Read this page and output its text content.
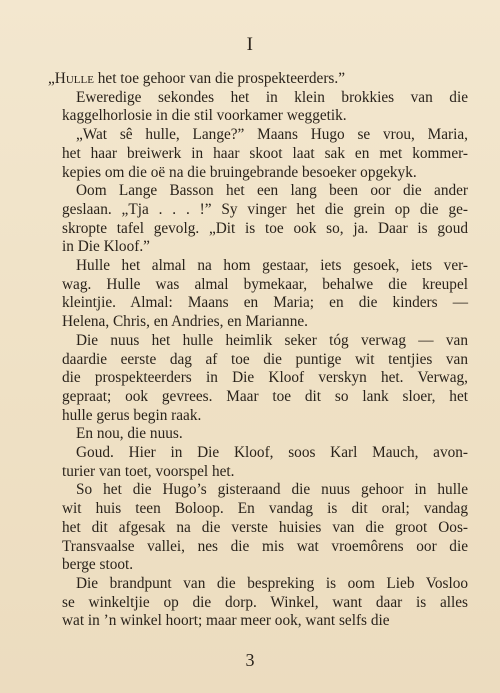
I
„Hulle het toe gehoor van die prospekteerders.”
Eweredige sekondes het in klein brokkies van die
kaggelhorlosie in die stil voorkamer weggetik.
„Wat sê hulle, Lange?” Maans Hugo se vrou, Maria,
het haar breiwerk in haar skoot laat sak en met kommer-
kepies om die oë na die bruingebrande besoeker opgekyk.
Oom Lange Basson het een lang been oor die ander
geslaan. „Tja . . . !” Sy vinger het die grein op die ge-
skropte tafel gevolg. „Dit is toe ook so, ja. Daar is goud
in Die Kloof.”
Hulle het almal na hom gestaar, iets gesoek, iets ver-
wag. Hulle was almal bymekaar, behalwe die kreupel
kleintjie. Almal: Maans en Maria; en die kinders —
Helena, Chris, en Andries, en Marianne.
Die nuus het hulle heimlik seker tóg verwag — van
daardie eerste dag af toe die puntige wit tentjies van
die prospekteerders in Die Kloof verskyn het. Verwag,
gepraat; ook gevrees. Maar toe dit so lank sloer, het
hulle gerus begin raak.
En nou, die nuus.
Goud. Hier in Die Kloof, soos Karl Mauch, avon-
turier van toet, voorspel het.
So het die Hugo’s gisteraand die nuus gehoor in hulle
wit huis teen Boloop. En vandag is dit oral; vandag
het dit afgesak na die verste huisies van die groot Oos-
Transvaalse vallei, nes die mis wat vroemôrens oor die
berge stoot.
Die brandpunt van die bespreking is oom Lieb Vosloo
se winkeltjie op die dorp. Winkel, want daar is alles
wat in ’n winkel hoort; maar meer ook, want selfs die
3
